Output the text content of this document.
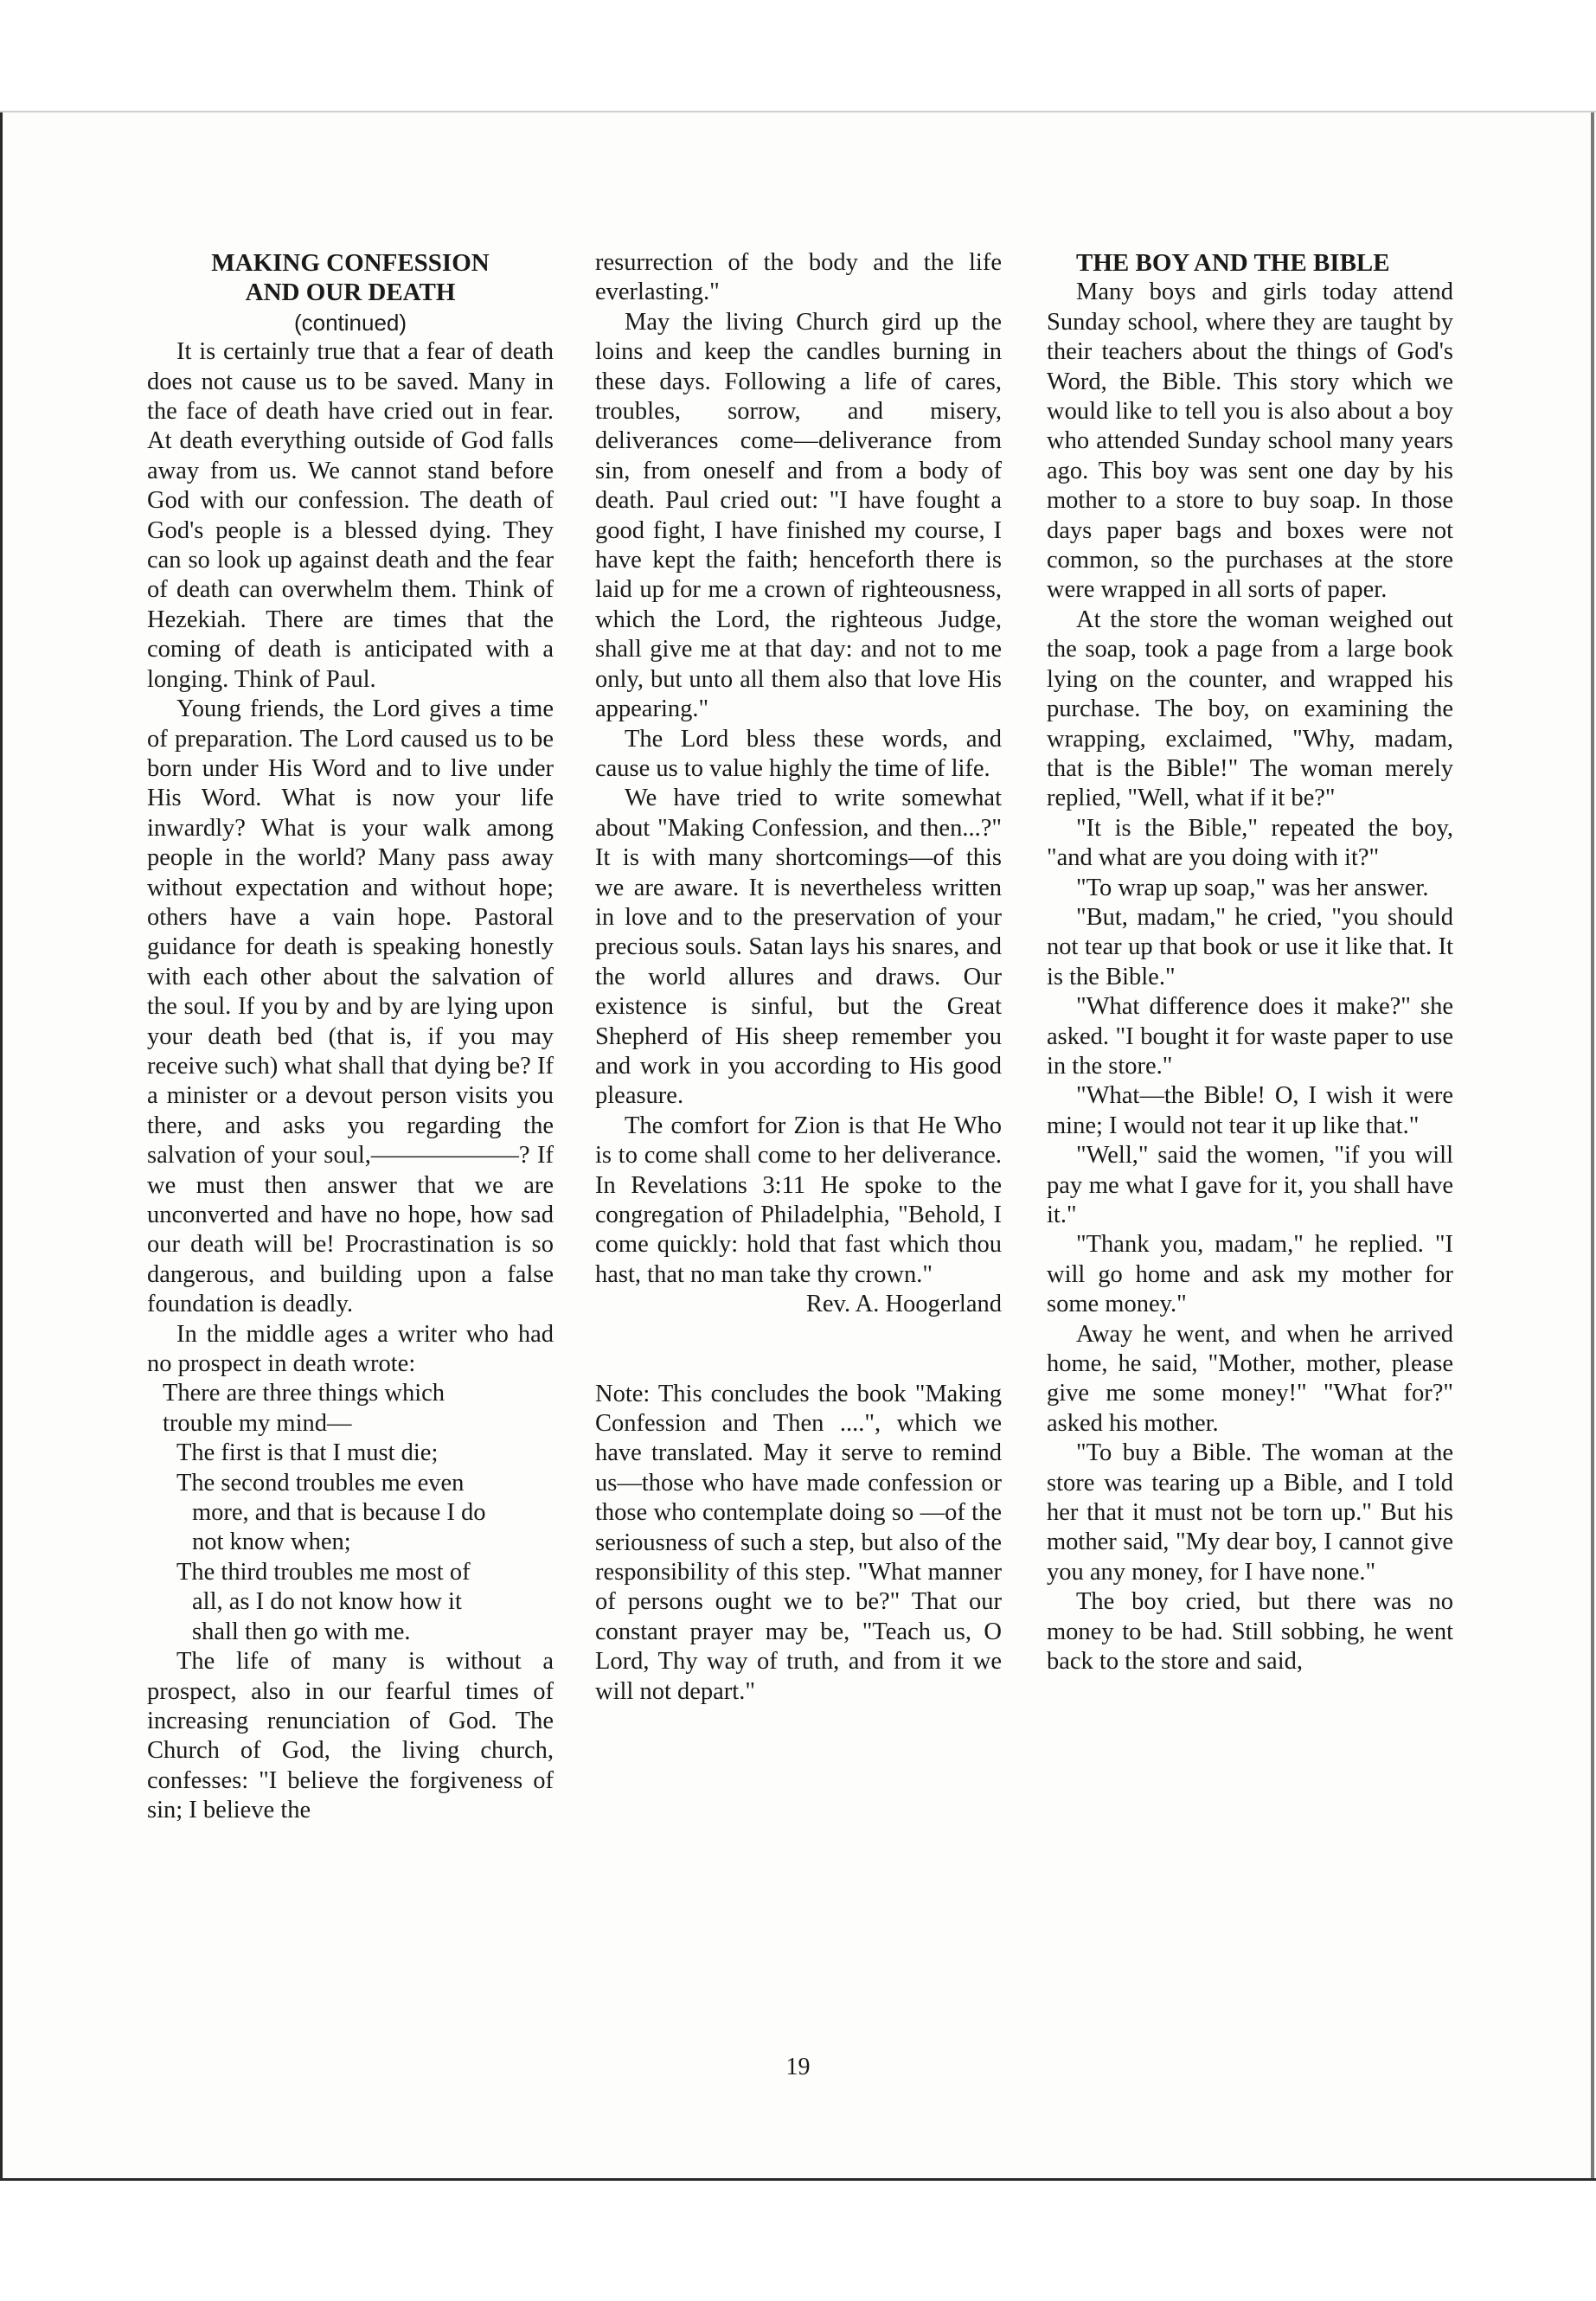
MAKING CONFESSION
AND OUR DEATH
(continued)

It is certainly true that a fear of death does not cause us to be saved. Many in the face of death have cried out in fear. At death everything outside of God falls away from us. We cannot stand before God with our confession. The death of God's people is a blessed dying. They can so look up against death and the fear of death can overwhelm them. Think of Hezekiah. There are times that the coming of death is anticipated with a longing. Think of Paul.

Young friends, the Lord gives a time of preparation. The Lord caused us to be born under His Word and to live under His Word. What is now your life inwardly? What is your walk among people in the world? Many pass away without expectation and without hope; others have a vain hope. Pastoral guidance for death is speaking honestly with each other about the salvation of the soul. If you by and by are lying upon your death bed (that is, if you may receive such) what shall that dying be? If a minister or a devout person visits you there, and asks you regarding the salvation of your soul,——————? If we must then answer that we are unconverted and have no hope, how sad our death will be! Procrastination is so dangerous, and building upon a false foundation is deadly.

In the middle ages a writer who had no prospect in death wrote:

There are three things which

trouble my mind—

The first is that I must die;

The second troubles me even

more, and that is because I do

not know when;

The third troubles me most of

all, as I do not know how it

shall then go with me.

The life of many is without a prospect, also in our fearful times of increasing renunciation of God. The Church of God, the living church, confesses: "I believe the forgiveness of sin; I believe the

resurrection of the body and the life everlasting."

May the living Church gird up the loins and keep the candles burning in these days. Following a life of cares, troubles, sorrow, and misery, deliverances come—deliverance from sin, from oneself and from a body of death. Paul cried out: "I have fought a good fight, I have finished my course, I have kept the faith; henceforth there is laid up for me a crown of righteousness, which the Lord, the righteous Judge, shall give me at that day: and not to me only, but unto all them also that love His appearing."

The Lord bless these words, and cause us to value highly the time of life.

We have tried to write somewhat about "Making Confession, and then...?" It is with many shortcomings—of this we are aware. It is nevertheless written in love and to the preservation of your precious souls. Satan lays his snares, and the world allures and draws. Our existence is sinful, but the Great Shepherd of His sheep remember you and work in you according to His good pleasure.

The comfort for Zion is that He Who is to come shall come to her deliverance. In Revelations 3:11 He spoke to the congregation of Philadelphia, "Behold, I come quickly: hold that fast which thou hast, that no man take thy crown."

Rev. A. Hoogerland

Note: This concludes the book "Making Confession and Then ....", which we have translated. May it serve to remind us—those who have made confession or those who contemplate doing so —of the seriousness of such a step, but also of the responsibility of this step. "What manner of persons ought we to be?" That our constant prayer may be, "Teach us, O Lord, Thy way of truth, and from it we will not depart."

THE BOY AND THE BIBLE

Many boys and girls today attend Sunday school, where they are taught by their teachers about the things of God's Word, the Bible. This story which we would like to tell you is also about a boy who attended Sunday school many years ago. This boy was sent one day by his mother to a store to buy soap. In those days paper bags and boxes were not common, so the purchases at the store were wrapped in all sorts of paper.

At the store the woman weighed out the soap, took a page from a large book lying on the counter, and wrapped his purchase. The boy, on examining the wrapping, exclaimed, "Why, madam, that is the Bible!" The woman merely replied, "Well, what if it be?"

"It is the Bible," repeated the boy, "and what are you doing with it?"

"To wrap up soap," was her answer.

"But, madam," he cried, "you should not tear up that book or use it like that. It is the Bible."

"What difference does it make?" she asked. "I bought it for waste paper to use in the store."

"What—the Bible! O, I wish it were mine; I would not tear it up like that."

"Well," said the women, "if you will pay me what I gave for it, you shall have it."

"Thank you, madam," he replied. "I will go home and ask my mother for some money."

Away he went, and when he arrived home, he said, "Mother, mother, please give me some money!" "What for?" asked his mother.

"To buy a Bible. The woman at the store was tearing up a Bible, and I told her that it must not be torn up." But his mother said, "My dear boy, I cannot give you any money, for I have none."

The boy cried, but there was no money to be had. Still sobbing, he went back to the store and said,

19
